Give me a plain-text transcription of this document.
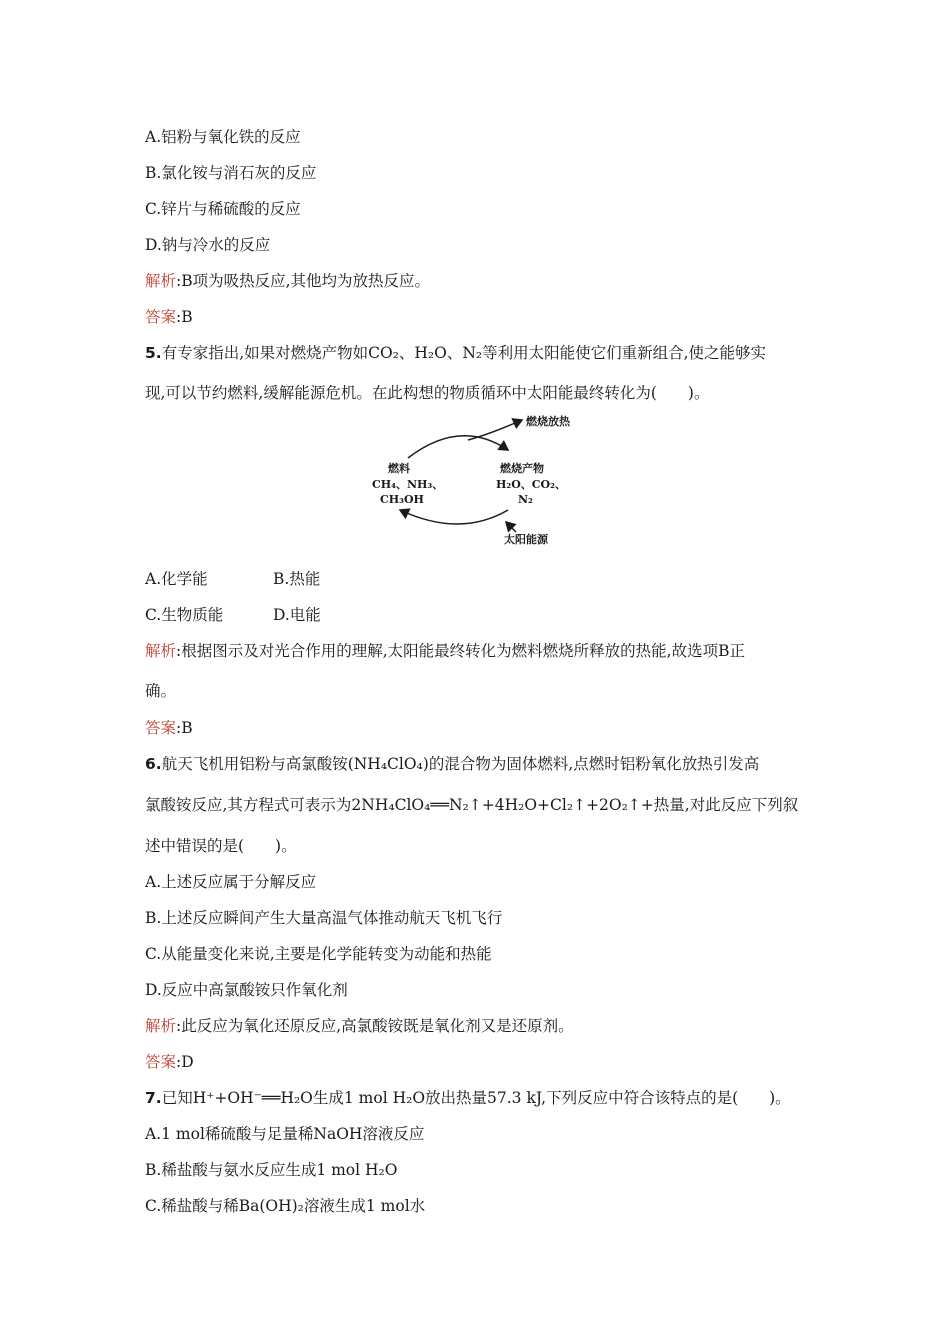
A.铝粉与氧化铁的反应
B.氯化铵与消石灰的反应
C.锌片与稀硫酸的反应
D.钠与冷水的反应
解析:B项为吸热反应,其他均为放热反应。
答案:B
5.有专家指出,如果对燃烧产物如CO₂、H₂O、N₂等利用太阳能使它们重新组合,使之能够实
现,可以节约燃料,缓解能源危机。在此构想的物质循环中太阳能最终转化为(　　)。
燃烧放热
燃料
CH₄、NH₃、
CH₃OH
燃烧产物
H₂O、CO₂、
N₂
太阳能源
A.化学能	B.热能
C.生物质能	D.电能
解析:根据图示及对光合作用的理解,太阳能最终转化为燃料燃烧所释放的热能,故选项B正
确。
答案:B
6.航天飞机用铝粉与高氯酸铵(NH₄ClO₄)的混合物为固体燃料,点燃时铝粉氧化放热引发高
氯酸铵反应,其方程式可表示为2NH₄ClO₄══N₂↑+4H₂O+Cl₂↑+2O₂↑+热量,对此反应下列叙
述中错误的是(　　)。
A.上述反应属于分解反应
B.上述反应瞬间产生大量高温气体推动航天飞机飞行
C.从能量变化来说,主要是化学能转变为动能和热能
D.反应中高氯酸铵只作氧化剂
解析:此反应为氧化还原反应,高氯酸铵既是氧化剂又是还原剂。
答案:D
7.已知H⁺+OH⁻══H₂O生成1 mol H₂O放出热量57.3 kJ,下列反应中符合该特点的是(　　)。
A.1 mol稀硫酸与足量稀NaOH溶液反应
B.稀盐酸与氨水反应生成1 mol H₂O
C.稀盐酸与稀Ba(OH)₂溶液生成1 mol水
